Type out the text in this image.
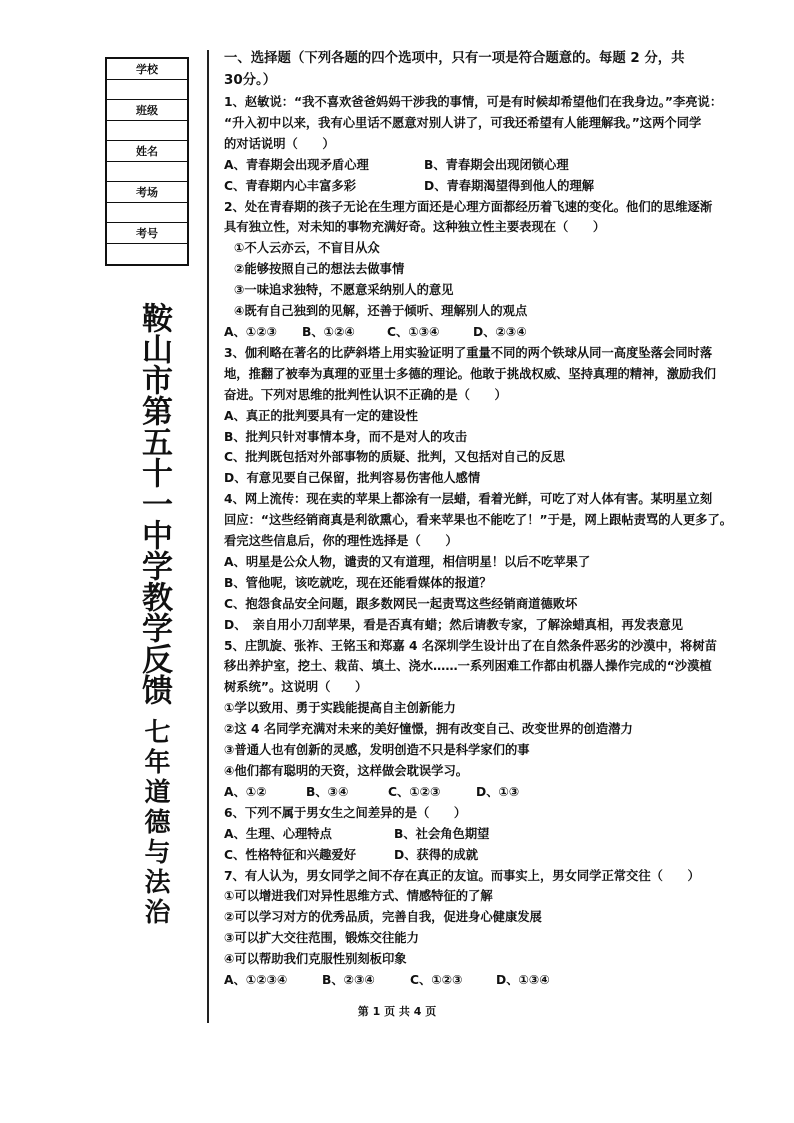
学校
班级
姓名
考场
考号
鞍山市第五十一中学教学反馈
七年道德与法治
一、选择题（下列各题的四个选项中，只有一项是符合题意的。每题 2 分，共
30分。）
1、赵敏说：“我不喜欢爸爸妈妈干涉我的事情，可是有时候却希望他们在我身边。”李亮说：
“升入初中以来，我有心里话不愿意对别人讲了，可我还希望有人能理解我。”这两个同学
的对话说明（　　）
A、青春期会出现矛盾心理	B、青春期会出现闭锁心理
C、青春期内心丰富多彩	D、青春期渴望得到他人的理解
2、处在青春期的孩子无论在生理方面还是心理方面都经历着飞速的变化。他们的思维逐渐
具有独立性，对未知的事物充满好奇。这种独立性主要表现在（　　）
①不人云亦云，不盲目从众
②能够按照自己的想法去做事情
③一味追求独特，不愿意采纳别人的意见
④既有自己独到的见解，还善于倾听、理解别人的观点
A、①②③ B、①②④	C、①③④	D、②③④
3、伽利略在著名的比萨斜塔上用实验证明了重量不同的两个铁球从同一高度坠落会同时落
地，推翻了被奉为真理的亚里士多德的理论。他敢于挑战权威、坚持真理的精神，激励我们
奋进。下列对思维的批判性认识不正确的是（　　）
A、真正的批判要具有一定的建设性
B、批判只针对事情本身，而不是对人的攻击
C、批判既包括对外部事物的质疑、批判，又包括对自己的反思
D、有意见要自己保留，批判容易伤害他人感情
4、网上流传：现在卖的苹果上都涂有一层蜡，看着光鲜，可吃了对人体有害。某明星立刻
回应：“这些经销商真是利欲熏心，看来苹果也不能吃了！”于是，网上跟帖责骂的人更多了。
看完这些信息后，你的理性选择是（　　）
A、明星是公众人物，谴责的又有道理，相信明星！以后不吃苹果了
B、管他呢，该吃就吃，现在还能看媒体的报道？
C、抱怨食品安全问题，跟多数网民一起责骂这些经销商道德败坏
D、　亲自用小刀刮苹果，看是否真有蜡；然后请教专家，了解涂蜡真相，再发表意见
5、庄凯旋、张祚、王铭玉和郑嘉 4 名深圳学生设计出了在自然条件恶劣的沙漠中，将树苗
移出养护室，挖土、栽苗、填土、浇水……一系列困难工作都由机器人操作完成的“沙漠植
树系统”。这说明（　　）
①学以致用、勇于实践能提高自主创新能力
②这 4 名同学充满对未来的美好憧憬，拥有改变自己、改变世界的创造潜力
③普通人也有创新的灵感，发明创造不只是科学家们的事
④他们都有聪明的天资，这样做会耽误学习。
A、①②	B、③④	C、①②③	D、①③
6、下列不属于男女生之间差异的是（　　）
A、生理、心理特点	B、社会角色期望
C、性格特征和兴趣爱好	D、获得的成就
7、有人认为，男女同学之间不存在真正的友谊。而事实上，男女同学正常交往（　　）
①可以增进我们对异性思维方式、情感特征的了解
②可以学习对方的优秀品质，完善自我，促进身心健康发展
③可以扩大交往范围，锻炼交往能力
④可以帮助我们克服性别刻板印象
A、①②③④	B、②③④	C、①②③	D、①③④
第 1 页 共 4 页
